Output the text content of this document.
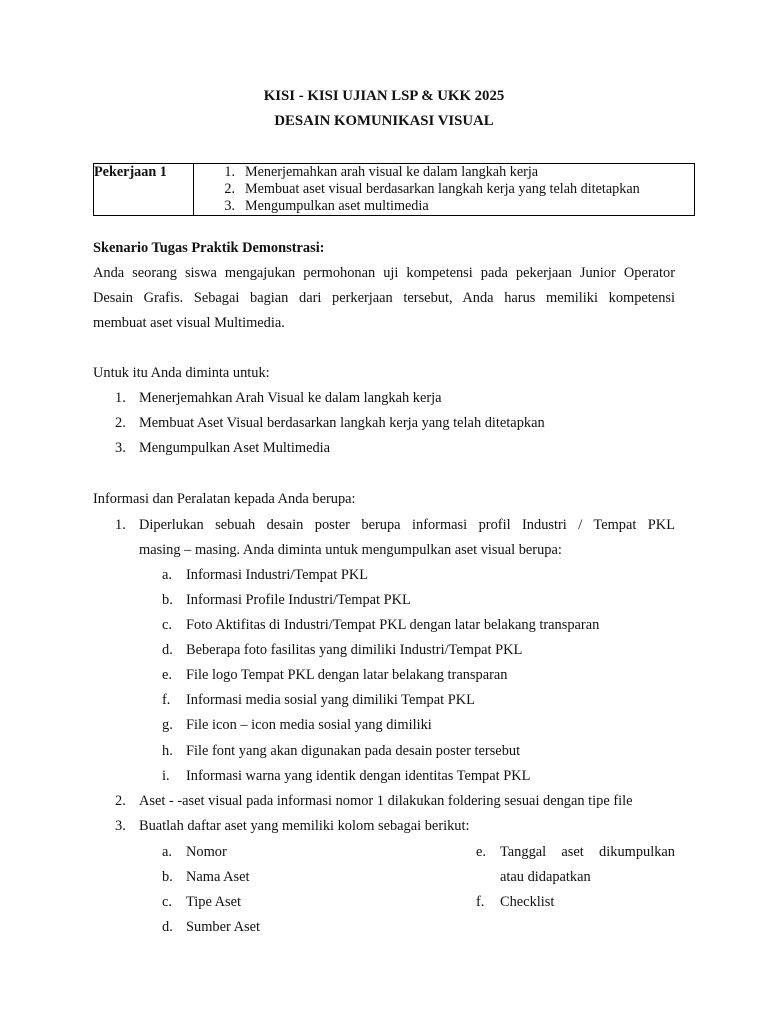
KISI - KISI UJIAN LSP & UKK 2025
DESAIN KOMUNIKASI VISUAL
Pekerjaan 1	1. Menerjemahkan arah visual ke dalam langkah kerja
2. Membuat aset visual berdasarkan langkah kerja yang telah ditetapkan
3. Mengumpulkan aset multimedia
Skenario Tugas Praktik Demonstrasi:
Anda seorang siswa mengajukan permohonan uji kompetensi pada pekerjaan Junior Operator
Desain Grafis. Sebagai bagian dari perkerjaan tersebut, Anda harus memiliki kompetensi
membuat aset visual Multimedia.
Untuk itu Anda diminta untuk:
1. Menerjemahkan Arah Visual ke dalam langkah kerja
2. Membuat Aset Visual berdasarkan langkah kerja yang telah ditetapkan
3. Mengumpulkan Aset Multimedia
Informasi dan Peralatan kepada Anda berupa:
1. Diperlukan sebuah desain poster berupa informasi profil Industri / Tempat PKL
masing – masing. Anda diminta untuk mengumpulkan aset visual berupa:
a. Informasi Industri/Tempat PKL
b. Informasi Profile Industri/Tempat PKL
c. Foto Aktifitas di Industri/Tempat PKL dengan latar belakang transparan
d. Beberapa foto fasilitas yang dimiliki Industri/Tempat PKL
e. File logo Tempat PKL dengan latar belakang transparan
f. Informasi media sosial yang dimiliki Tempat PKL
g. File icon – icon media sosial yang dimiliki
h. File font yang akan digunakan pada desain poster tersebut
i. Informasi warna yang identik dengan identitas Tempat PKL
2. Aset - -aset visual pada informasi nomor 1 dilakukan foldering sesuai dengan tipe file
3. Buatlah daftar aset yang memiliki kolom sebagai berikut:
a. Nomor
b. Nama Aset
c. Tipe Aset
d. Sumber Aset
e. Tanggal aset dikumpulkan
atau didapatkan
f. Checklist
